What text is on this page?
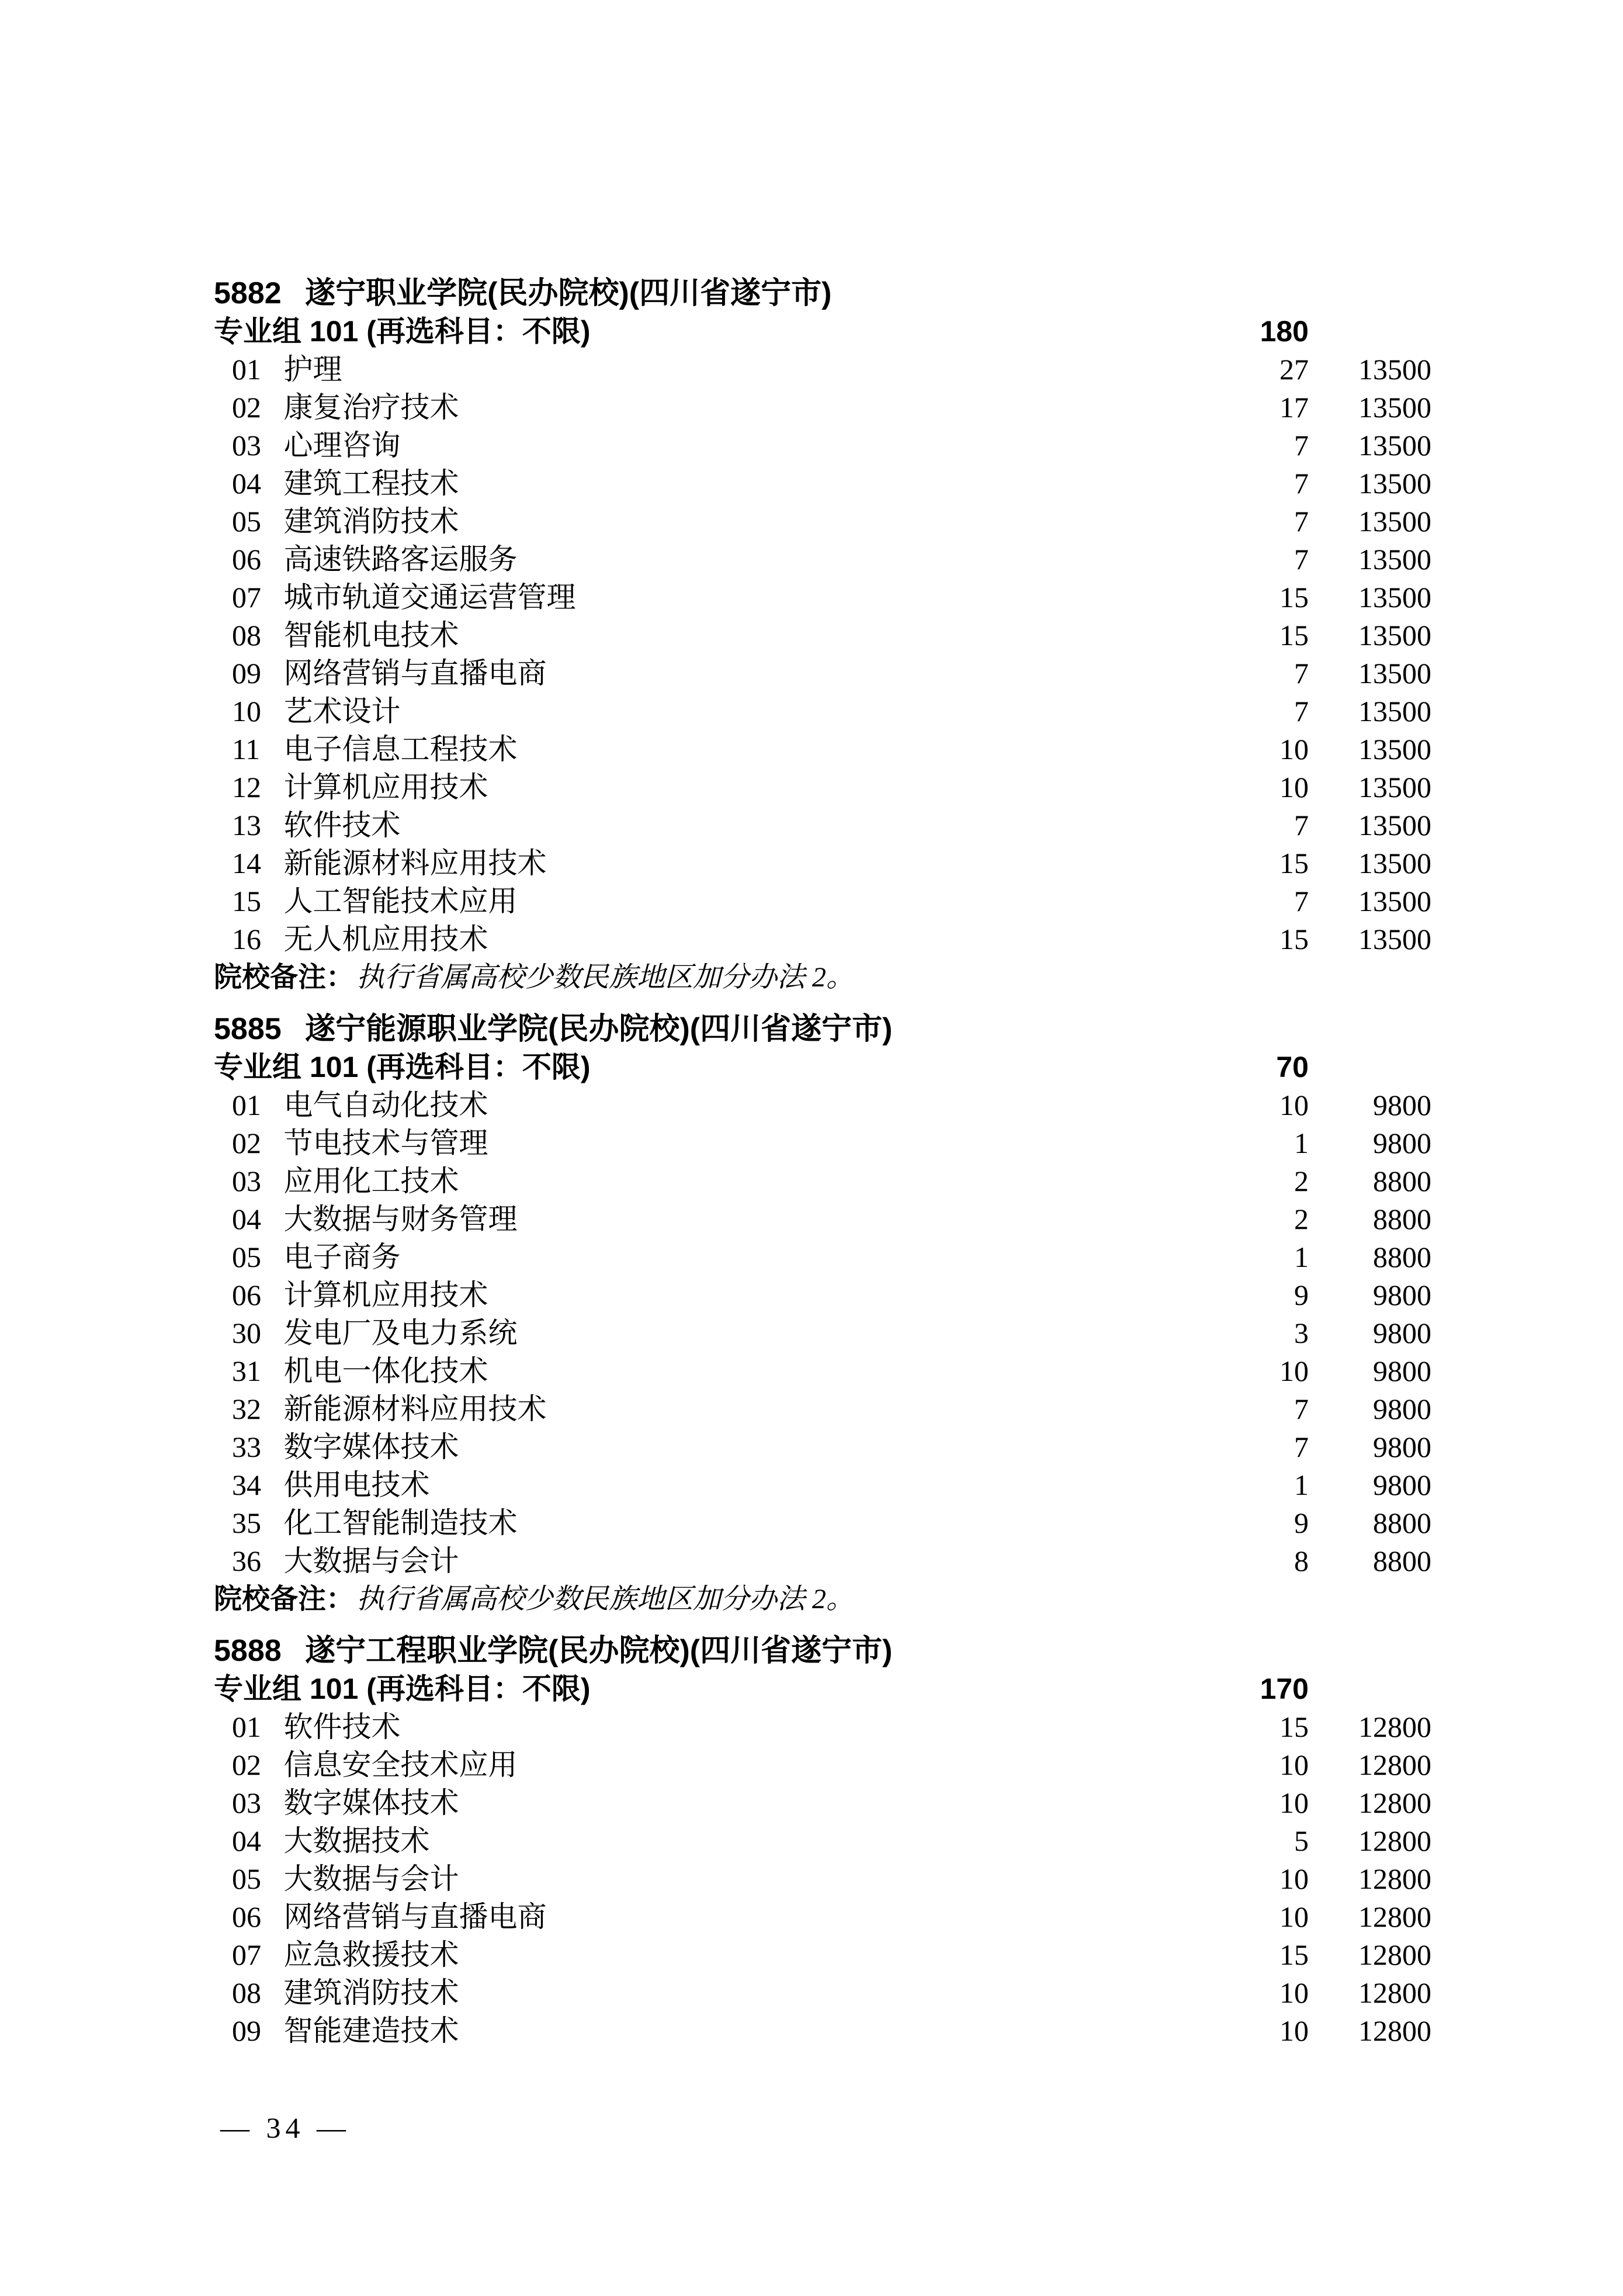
5882 遂宁职业学院(民办院校)(四川省遂宁市)
专业组 101 (再选科目：不限)	180
01 护理	27	13500
02 康复治疗技术	17	13500
03 心理咨询	7	13500
04 建筑工程技术	7	13500
05 建筑消防技术	7	13500
06 高速铁路客运服务	7	13500
07 城市轨道交通运营管理	15	13500
08 智能机电技术	15	13500
09 网络营销与直播电商	7	13500
10 艺术设计	7	13500
11 电子信息工程技术	10	13500
12 计算机应用技术	10	13500
13 软件技术	7	13500
14 新能源材料应用技术	15	13500
15 人工智能技术应用	7	13500
16 无人机应用技术	15	13500
院校备注： 执行省属高校少数民族地区加分办法 2。
5885 遂宁能源职业学院(民办院校)(四川省遂宁市)
专业组 101 (再选科目：不限)	70
01 电气自动化技术	10	9800
02 节电技术与管理	1	9800
03 应用化工技术	2	8800
04 大数据与财务管理	2	8800
05 电子商务	1	8800
06 计算机应用技术	9	9800
30 发电厂及电力系统	3	9800
31 机电一体化技术	10	9800
32 新能源材料应用技术	7	9800
33 数字媒体技术	7	9800
34 供用电技术	1	9800
35 化工智能制造技术	9	8800
36 大数据与会计	8	8800
院校备注： 执行省属高校少数民族地区加分办法 2。
5888 遂宁工程职业学院(民办院校)(四川省遂宁市)
专业组 101 (再选科目：不限)	170
01 软件技术	15	12800
02 信息安全技术应用	10	12800
03 数字媒体技术	10	12800
04 大数据技术	5	12800
05 大数据与会计	10	12800
06 网络营销与直播电商	10	12800
07 应急救援技术	15	12800
08 建筑消防技术	10	12800
09 智能建造技术	10	12800
— 34 —
